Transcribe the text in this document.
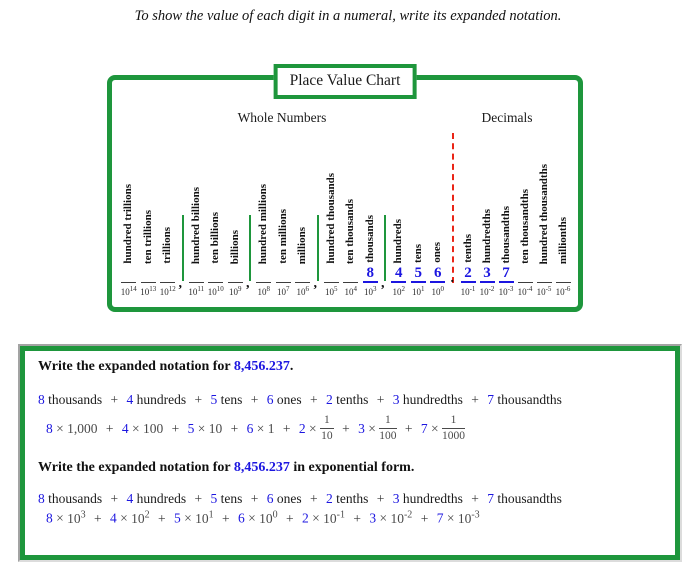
To show the value of each digit in a numeral, write its expanded notation.
Place Value Chart
Whole Numbers	Decimals
hundred trillions
$10^{14}$
ten trillions
$10^{13}$
trillions
$10^{12}$ ,
hundred billions
$10^{11}$
ten billions
$10^{10}$
billions
$10^9$ ,
hundred millions
$10^8$
ten millions
$10^7$
millions
$10^6$ ,
hundred thousands
$10^5$
ten thousands
$10^4$
thousands
8
$10^3$ ,
hundreds
4
$10^2$
tens
5
$10^1$
ones
6
$10^0$
.
tenths
2
$10^{-1}$
hundredths
3
$10^{-2}$
thousandths
7
$10^{-3}$
ten thousandths
$10^{-4}$
hundred thousandths
$10^{-5}$
millionths
$10^{-6}$
Write the expanded notation for 8,456.237.
8 thousands + 4 hundreds + 5 tens + 6 ones + 2 tenths + 3 hundredths + 7 thousandths
$8 \times 1,000 + 4 \times 100 + 5 \times 10 + 6 \times 1 + 2 \times \frac{1}{10} + 3 \times \frac{1}{100} + 7 \times \frac{1}{1000}$
Write the expanded notation for 8,456.237 in exponential form.
8 thousands + 4 hundreds + 5 tens + 6 ones + 2 tenths + 3 hundredths + 7 thousandths
$8 \times 10^3 + 4 \times 10^2 + 5 \times 10^1 + 6 \times 10^0 + 2 \times 10^{-1} + 3 \times 10^{-2} + 7 \times 10^{-3}$
